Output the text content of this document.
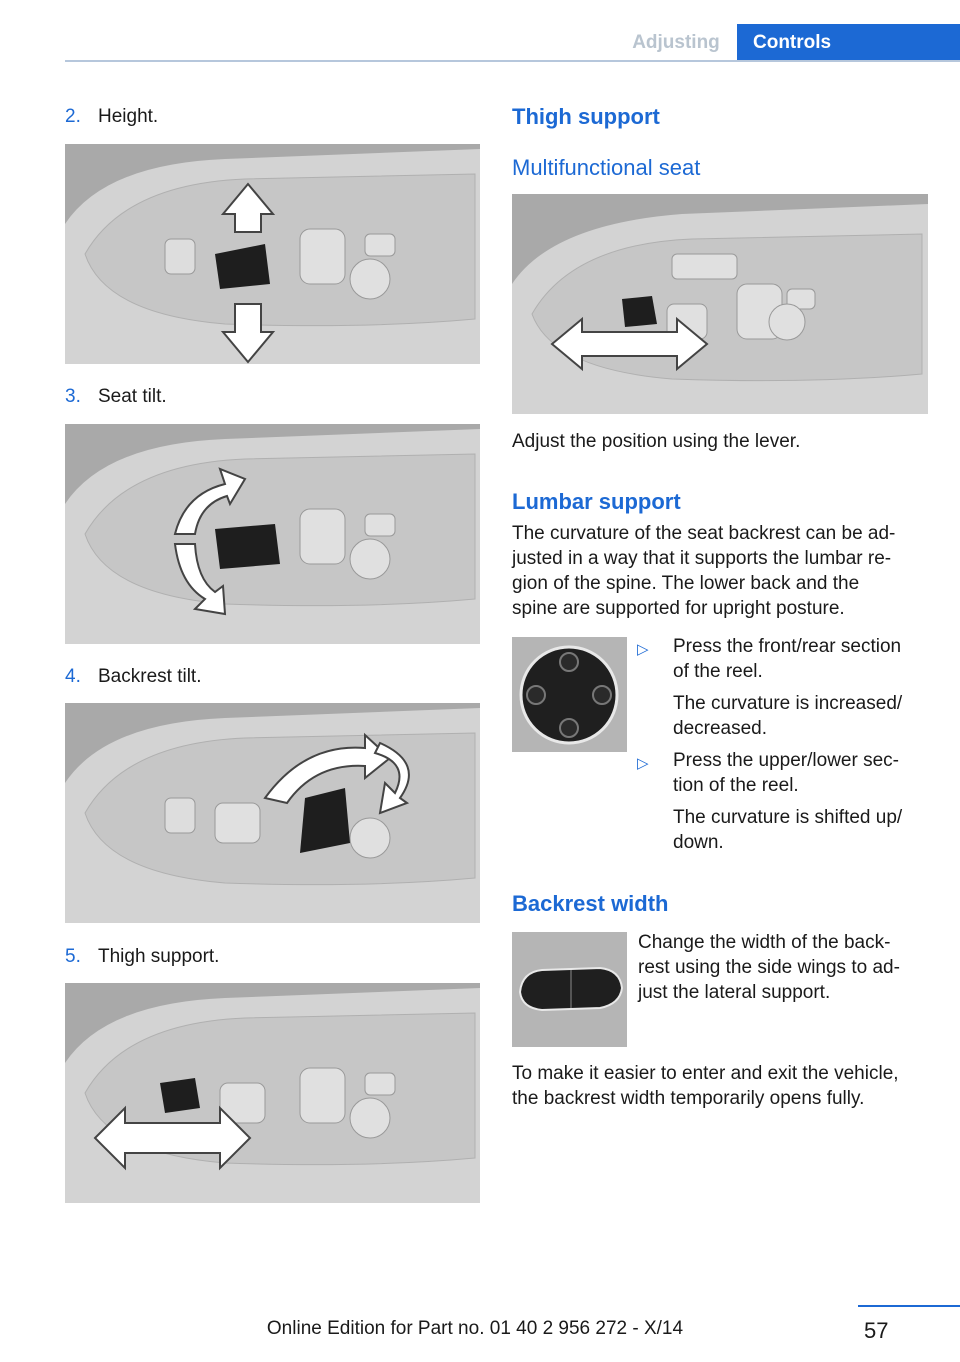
Adjusting	Controls
2. Height.
3. Seat tilt.
4. Backrest tilt.
5. Thigh support.
Thigh support
Multifunctional seat
Adjust the position using the lever.
Lumbar support
The curvature of the seat backrest can be ad‐
justed in a way that it supports the lumbar re‐
gion of the spine. The lower back and the
spine are supported for upright posture.
▷ Press the front/rear section
of the reel.
The curvature is increased/
decreased.
▷ Press the upper/lower sec‐
tion of the reel.
The curvature is shifted up/
down.
Backrest width
Change the width of the back‐
rest using the side wings to ad‐
just the lateral support.
To make it easier to enter and exit the vehicle,
the backrest width temporarily opens fully.
57
Online Edition for Part no. 01 40 2 956 272 - X/14
